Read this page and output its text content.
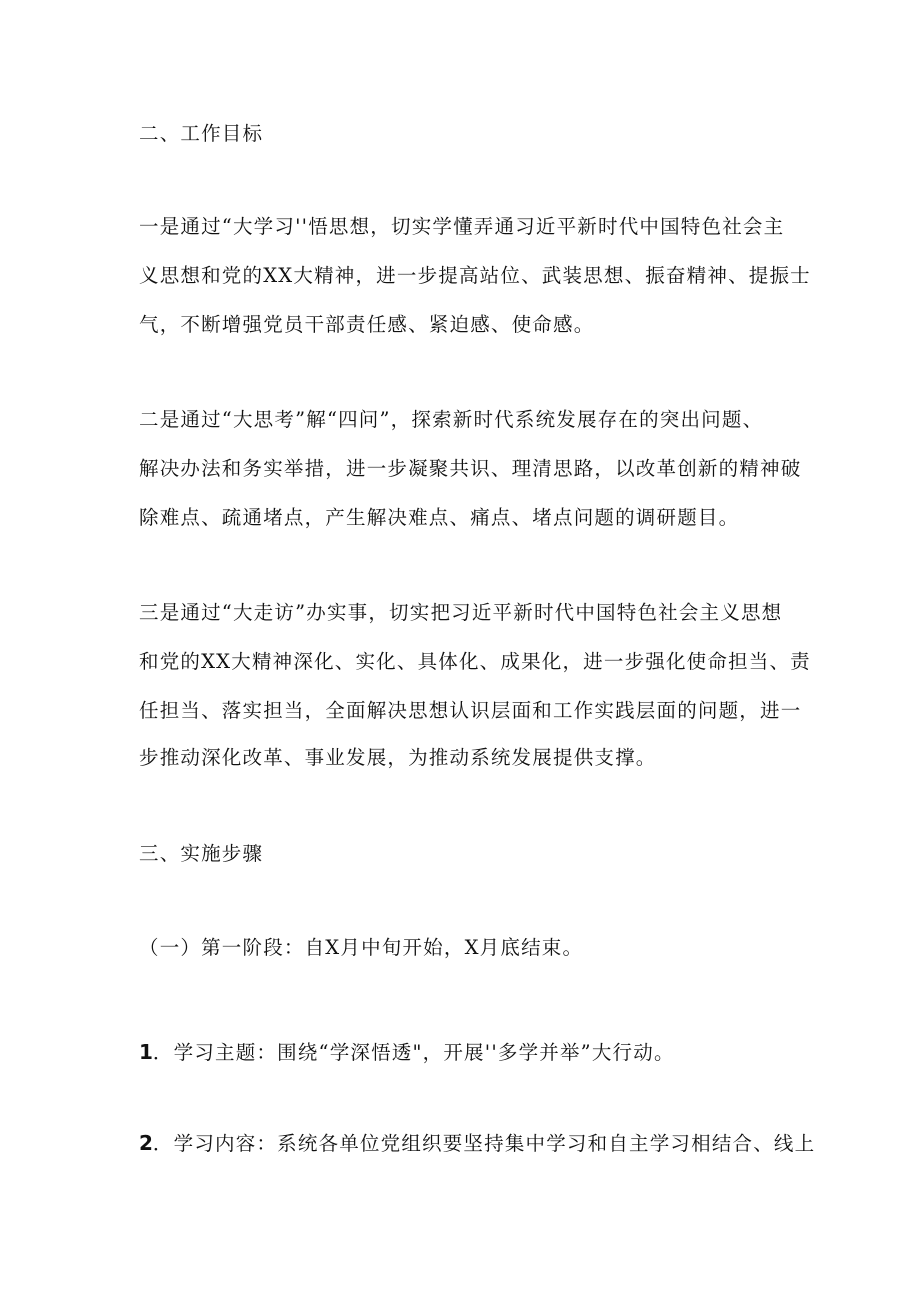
二、工作目标

一是通过“大学习''悟思想，切实学懂弄通习近平新时代中国特色社会主

义思想和党的XX大精神，进一步提高站位、武装思想、振奋精神、提振士

气，不断增强党员干部责任感、紧迫感、使命感。

二是通过“大思考”解“四问”，探索新时代系统发展存在的突出问题、

解决办法和务实举措，进一步凝聚共识、理清思路，以改革创新的精神破

除难点、疏通堵点，产生解决难点、痛点、堵点问题的调研题目。

三是通过“大走访”办实事，切实把习近平新时代中国特色社会主义思想

和党的XX大精神深化、实化、具体化、成果化，进一步强化使命担当、责

任担当、落实担当，全面解决思想认识层面和工作实践层面的问题，进一

步推动深化改革、事业发展，为推动系统发展提供支撑。

三、实施步骤

（一）第一阶段：自X月中旬开始，X月底结束。

1．学习主题：围绕“学深悟透"，开展''多学并举”大行动。

2．学习内容：系统各单位党组织要坚持集中学习和自主学习相结合、线上
